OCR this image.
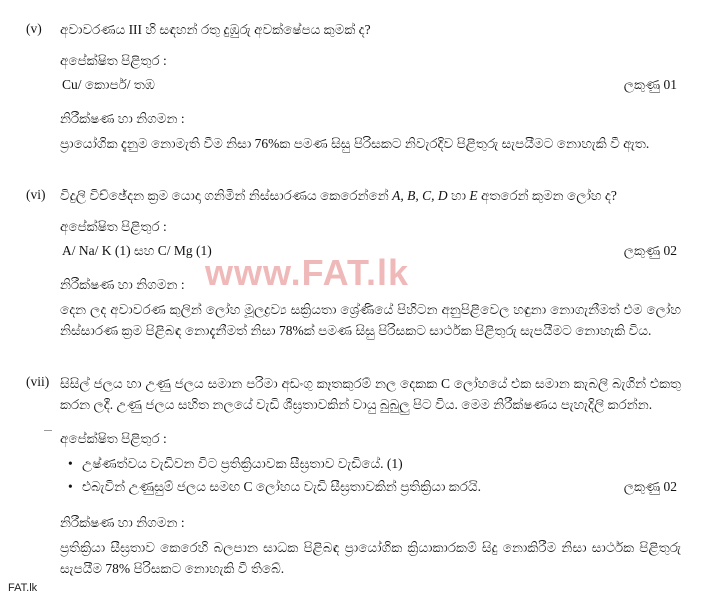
www.FAT.lk
(v)	අවාවරණය III හි සඳහන් රතු දුඹුරු අවක්ෂේපය කුමක් ද?
අපේක්ෂිත පිළිතුර :
Cu/ කොපර්/ තඹ	ලකුණු 01
නිරීක්ෂණ හා නිගමන :

ප්‍රායෝගික දැනුම නොමැති වීම නිසා 76%ක පමණ සිසු පිරිසකට නිවැරදිව පිළිතුරු සැපයීමට නොහැකි වී ඇත.

(vi)	විදුලි විච්ඡේදන ක්‍රම යොදා ගනිමින් නිස්සාරණය කෙරෙන්නේ A, B, C, D හා E අතරෙන් කුමන ලෝහ ද?
අපේක්ෂිත පිළිතුර :
A/ Na/ K (1) සහ C/ Mg (1)	ලකුණු 02
නිරීක්ෂණ හා නිගමන :

දෙන ලද අවාවරණ කුලින් ලෝහ මූලද්‍රව්‍ය සක්‍රියතා ශ්‍රේණියේ පිහිටන අනුපිළිවෙල හඳුනා නොගැනීමත් එම ලෝහ නිස්සාරණ ක්‍රම පිළිබඳ නොදැනීමත් නිසා 78%ක් පමණ සිසු පිරිසකට සාර්ථක පිළිතුරු සැපයීමට නොහැකි විය.

(vii) සිසිල් ජලය හා උණු ජලය සමාන පරිමා අඩංගු කෑතකුරම් නල දෙකක C ලෝහයේ එක සමාන කැබලි බැගින් එකතු කරන ලදී. උණු ජලය සහිත නලයේ වැඩි ශීඝ්‍රතාවකින් වායු බුබුලු පිට විය. මෙම නිරීක්ෂණය පැහැදිලි කරන්න.

අපේක්ෂිත පිළිතුර :
• උෂ්ණත්වය වැඩිවන විට ප්‍රතික්‍රියාවක සීඝ්‍රතාව වැඩියේ. (1)
• එබැවින් උණුසුම් ජලය සමඟ C ලෝහය වැඩි සීඝ්‍රතාවකින් ප්‍රතික්‍රියා කරයි.	ලකුණු 02
නිරීක්ෂණ හා නිගමන :

ප්‍රතික්‍රියා සීඝ්‍රතාව කෙරෙහි බලපාන සාධක පිළිබඳ ප්‍රායෝගික ක්‍රියාකාරකම් සිදු නොකිරීම නිසා සාර්ථක පිළිතුරු සැපයීම 78% පිරිසකට නොහැකි වී තිබේ.

FAT.lk
